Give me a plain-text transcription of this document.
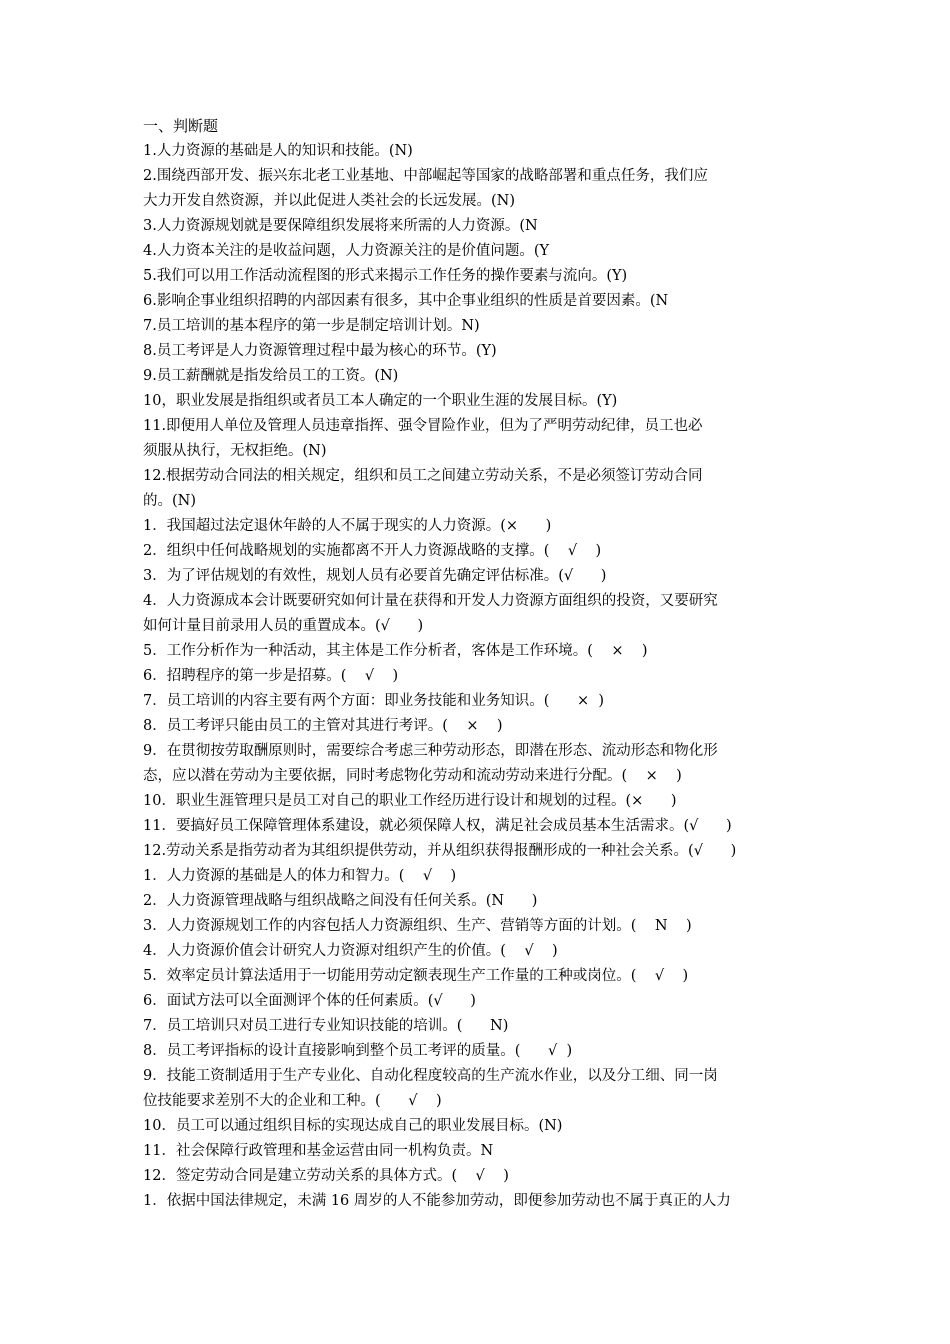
一、判断题
1.人力资源的基础是人的知识和技能。(N)
2.围绕西部开发、振兴东北老工业基地、中部崛起等国家的战略部署和重点任务，我们应
大力开发自然资源，并以此促进人类社会的长远发展。(N)
3.人力资源规划就是要保障组织发展将来所需的人力资源。(N
4.人力资本关注的是收益问题，人力资源关注的是价值问题。(Y
5.我们可以用工作活动流程图的形式来揭示工作任务的操作要素与流向。(Y)
6.影响企事业组织招聘的内部因素有很多，其中企事业组织的性质是首要因素。(N
7.员工培训的基本程序的第一步是制定培训计划。N)
8.员工考评是人力资源管理过程中最为核心的环节。(Y)
9.员工薪酬就是指发给员工的工资。(N)
10，职业发展是指组织或者员工本人确定的一个职业生涯的发展目标。(Y)
11.即便用人单位及管理人员违章指挥、强令冒险作业，但为了严明劳动纪律，员工也必
须服从执行，无权拒绝。(N)
12.根据劳动合同法的相关规定，组织和员工之间建立劳动关系，不是必须签订劳动合同
的。(N)
1．我国超过法定退休年龄的人不属于现实的人力资源。(×      )
2．组织中任何战略规划的实施都离不开人力资源战略的支撑。(    √    )
3．为了评估规划的有效性，规划人员有必要首先确定评估标准。(√      )
4．人力资源成本会计既要研究如何计量在获得和开发人力资源方面组织的投资，又要研究
如何计量目前录用人员的重置成本。(√      )
5．工作分析作为一种活动，其主体是工作分析者，客体是工作环境。(    ×    )
6．招聘程序的第一步是招募。(    √    )
7．员工培训的内容主要有两个方面：即业务技能和业务知识。(      ×  )
8．员工考评只能由员工的主管对其进行考评。(    ×    )
9．在贯彻按劳取酬原则时，需要综合考虑三种劳动形态，即潜在形态、流动形态和物化形
态，应以潜在劳动为主要依据，同时考虑物化劳动和流动劳动来进行分配。(    ×    )
10．职业生涯管理只是员工对自己的职业工作经历进行设计和规划的过程。(×      )
11．要搞好员工保障管理体系建设，就必须保障人权，满足社会成员基本生活需求。(√      )
12.劳动关系是指劳动者为其组织提供劳动，并从组织获得报酬形成的一种社会关系。(√      )
1．人力资源的基础是人的体力和智力。(    √    )
2．人力资源管理战略与组织战略之间没有任何关系。(N      )
3．人力资源规划工作的内容包括人力资源组织、生产、营销等方面的计划。(    N    )
4．人力资源价值会计研究人力资源对组织产生的价值。(    √    )
5．效率定员计算法适用于一切能用劳动定额表现生产工作量的工种或岗位。(    √    )
6．面试方法可以全面测评个体的任何素质。(√      )
7．员工培训只对员工进行专业知识技能的培训。(      N)
8．员工考评指标的设计直接影响到整个员工考评的质量。(      √  )
9．技能工资制适用于生产专业化、自动化程度较高的生产流水作业，以及分工细、同一岗
位技能要求差别不大的企业和工种。(      √    )
10．员工可以通过组织目标的实现达成自己的职业发展目标。(N)
11．社会保障行政管理和基金运营由同一机构负责。N
12．签定劳动合同是建立劳动关系的具体方式。(    √    )
1．依据中国法律规定，未满 16 周岁的人不能参加劳动，即便参加劳动也不属于真正的人力
